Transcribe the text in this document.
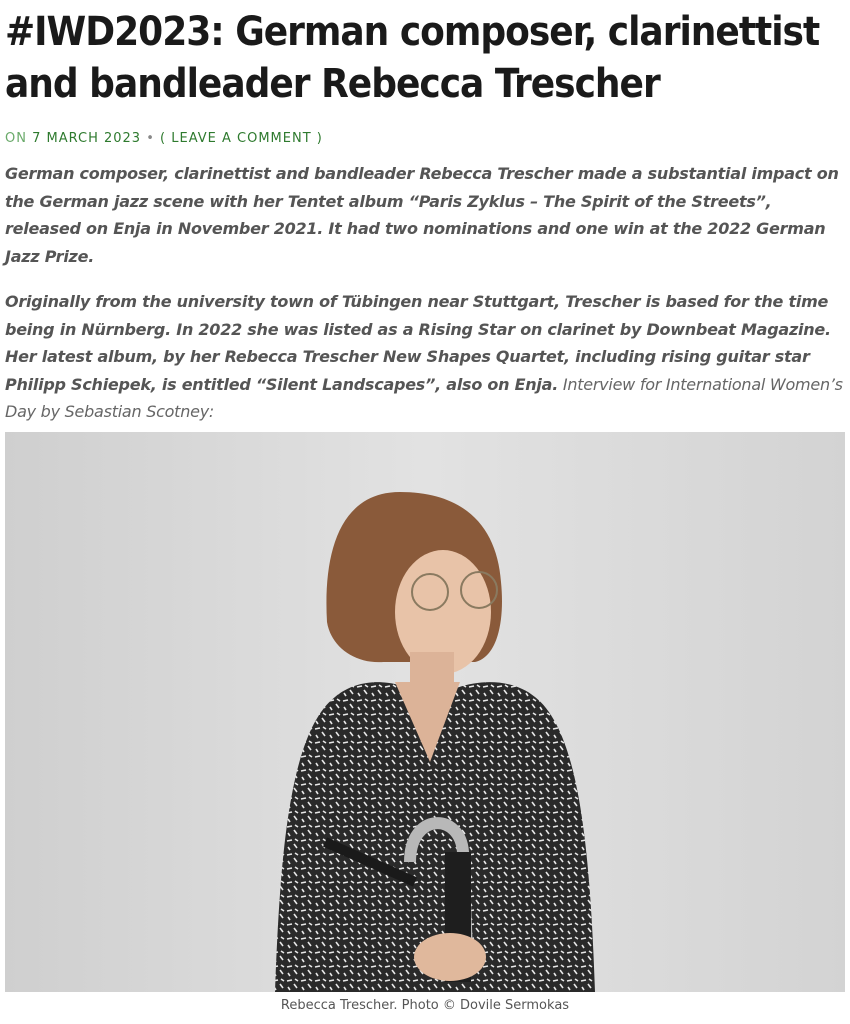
#IWD2023: German composer, clarinettist and bandleader Rebecca Trescher
ON 7 MARCH 2023 • ( LEAVE A COMMENT )

German composer, clarinettist and bandleader Rebecca Trescher made a substantial impact on the German jazz scene with her Tentet album “Paris Zyklus – The Spirit of the Streets”, released on Enja in November 2021. It had two nominations and one win at the 2022 German Jazz Prize.

Originally from the university town of Tübingen near Stuttgart, Trescher is based for the time being in Nürnberg. In 2022 she was listed as a Rising Star on clarinet by Downbeat Magazine. Her latest album, by her Rebecca Trescher New Shapes Quartet, including rising guitar star Philipp Schiepek, is entitled “Silent Landscapes”, also on Enja. Interview for International Women’s Day by Sebastian Scotney:

Rebecca Trescher. Photo © Dovile Sermokas
